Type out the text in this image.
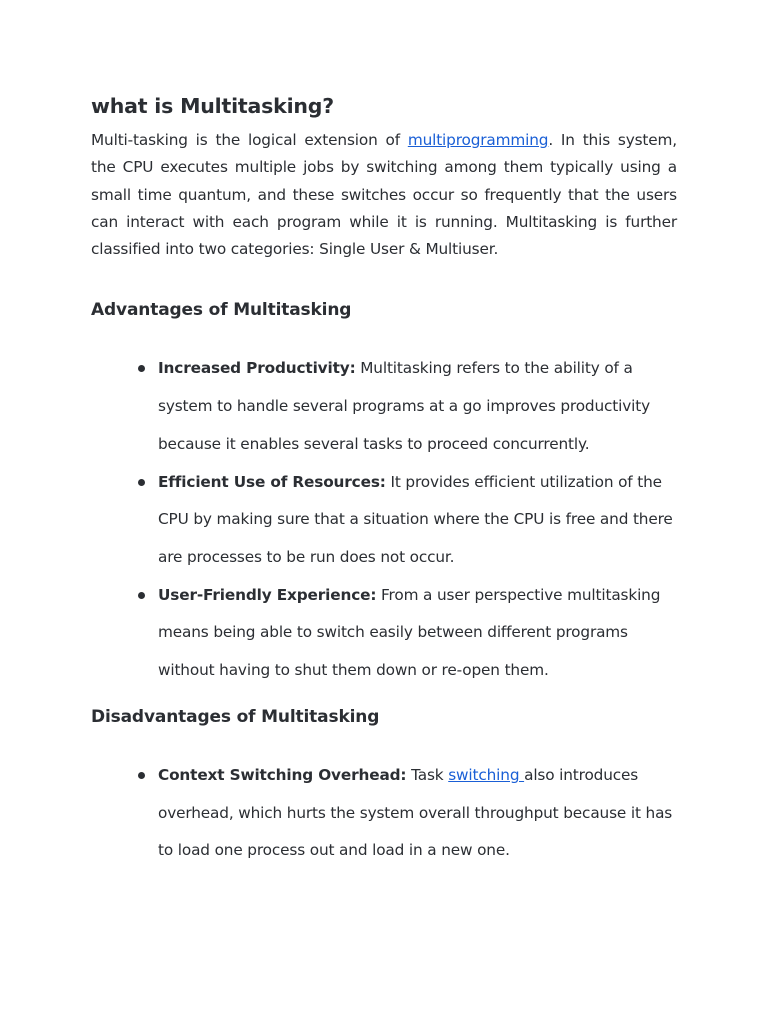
what is Multitasking?

Multi-tasking is the logical extension of multiprogramming. In this system, the CPU executes multiple jobs by switching among them typically using a small time quantum, and these switches occur so frequently that the users can interact with each program while it is running. Multitasking is further classified into two categories: Single User & Multiuser.

Advantages of Multitasking
Increased Productivity: Multitasking refers to the ability of a system to handle several programs at a go improves productivity because it enables several tasks to proceed concurrently.
Efficient Use of Resources: It provides efficient utilization of the CPU by making sure that a situation where the CPU is free and there are processes to be run does not occur.
User-Friendly Experience: From a user perspective multitasking means being able to switch easily between different programs without having to shut them down or re-open them.
Disadvantages of Multitasking
Context Switching Overhead: Task switching also introduces overhead, which hurts the system overall throughput because it has to load one process out and load in a new one.
